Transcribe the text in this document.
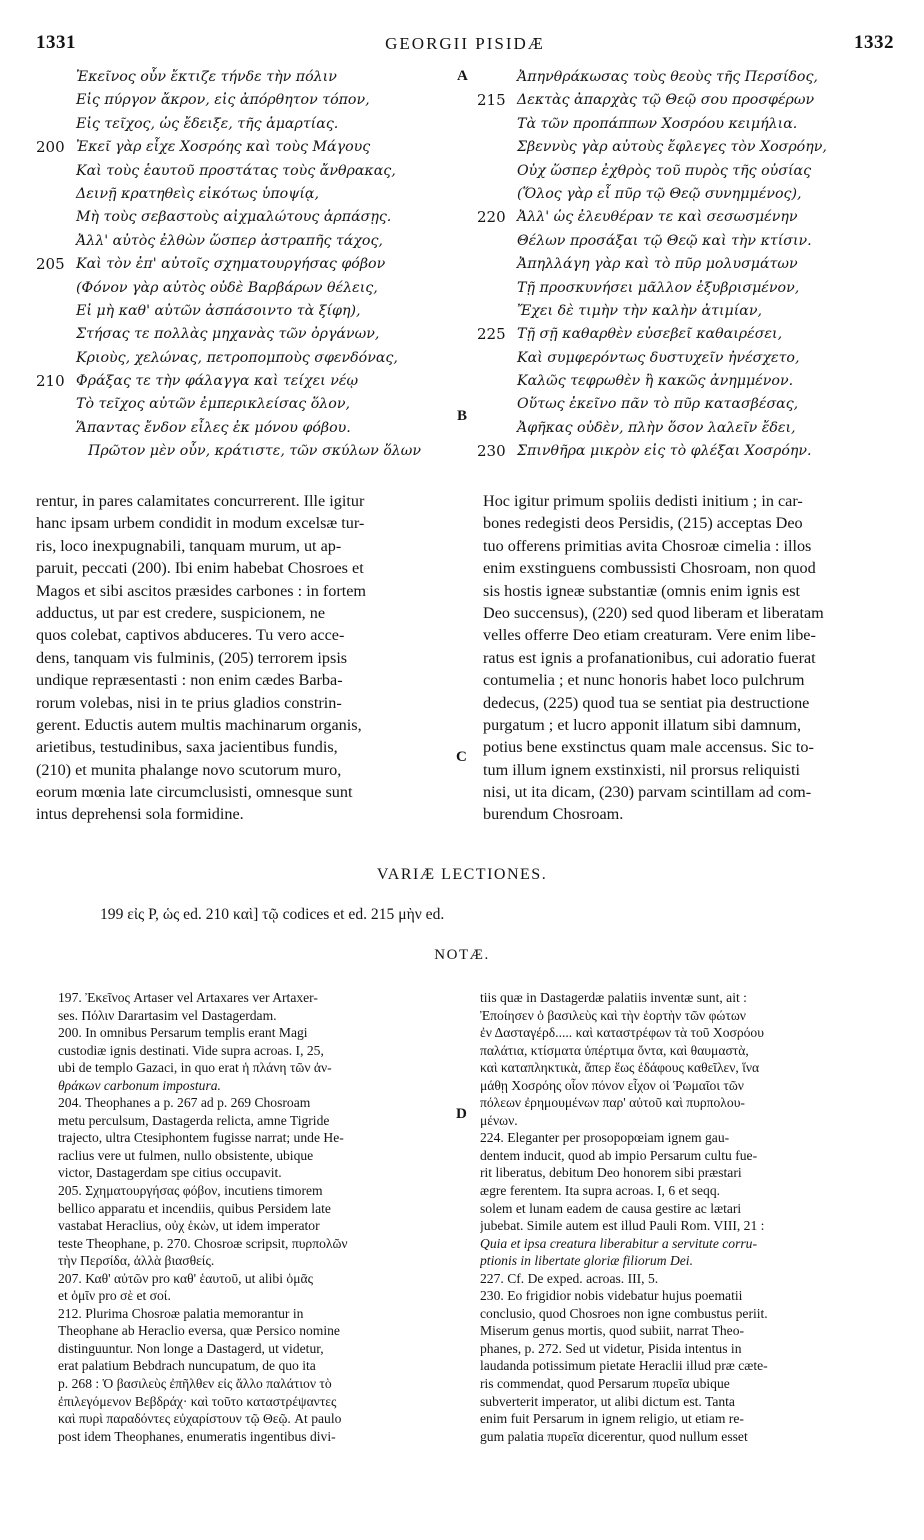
1331	GEORGII PISIDÆ	1332
Ἐκεῖνος οὖν ἔκτιζε τήνδε τὴν πόλιν
Εἰς πύργον ἄκρον, εἰς ἀπόρθητον τόπον,
Εἰς τεῖχος, ὡς ἔδειξε, τῆς ἁμαρτίας.
200 Ἐκεῖ γὰρ εἶχε Χοσρόης καὶ τοὺς Μάγους
Καὶ τοὺς ἑαυτοῦ προστάτας τοὺς ἄνθρακας,
Δεινῇ κρατηθεὶς εἰκότως ὑποψίᾳ,
Μὴ τοὺς σεβαστοὺς αἰχμαλώτους ἁρπάσῃς.
Ἀλλ' αὐτὸς ἐλθὼν ὥσπερ ἀστραπῆς τάχος,
205 Καὶ τὸν ἐπ' αὐτοῖς σχηματουργήσας φόβον
(Φόνον γὰρ αὐτὸς οὐδὲ Βαρβάρων θέλεις,
Εἰ μὴ καθ' αὐτῶν ἀσπάσοιντο τὰ ξίφη),
Στήσας τε πολλὰς μηχανὰς τῶν ὀργάνων,
Κριοὺς, χελώνας, πετροπομποὺς σφενδόνας,
210 Φράξας τε τὴν φάλαγγα καὶ τείχει νέῳ
Τὸ τεῖχος αὐτῶν ἐμπερικλείσας ὅλον,
Ἅπαντας ἔνδον εἶλες ἐκ μόνου φόβου.
Πρῶτον μὲν οὖν, κράτιστε, τῶν σκύλων ὅλων
Ἀπηνθράκωσας τοὺς θεοὺς τῆς Περσίδος,
215 Δεκτὰς ἀπαρχὰς τῷ Θεῷ σου προσφέρων
Τὰ τῶν προπάππων Χοσρόου κειμήλια.
Σβεννὺς γὰρ αὐτοὺς ἔφλεγες τὸν Χοσρόην,
Οὐχ ὥσπερ ἐχθρὸς τοῦ πυρὸς τῆς οὐσίας
(Ὅλος γὰρ εἶ πῦρ τῷ Θεῷ συνημμένος),
220 Ἀλλ' ὡς ἐλευθέραν τε καὶ σεσωσμένην
Θέλων προσάξαι τῷ Θεῷ καὶ τὴν κτίσιν.
Ἀπηλλάγη γὰρ καὶ τὸ πῦρ μολυσμάτων
Τῇ προσκυνήσει μᾶλλον ἐξυβρισμένον,
Ἔχει δὲ τιμὴν τὴν καλὴν ἀτιμίαν,
225 Τῇ σῇ καθαρθὲν εὐσεβεῖ καθαιρέσει,
Καὶ συμφερόντως δυστυχεῖν ἠνέσχετο,
Καλῶς τεφρωθὲν ἢ κακῶς ἀνημμένον.
Οὕτως ἐκεῖνο πᾶν τὸ πῦρ κατασβέσας,
Ἀφῆκας οὐδὲν, πλὴν ὅσον λαλεῖν ἔδει,
230 Σπινθῆρα μικρὸν εἰς τὸ φλέξαι Χοσρόην.
A
B
C
D
rentur, in pares calamitates concurrerent. Ille igitur
hanc ipsam urbem condidit in modum excelsæ tur-
ris, loco inexpugnabili, tanquam murum, ut ap-
paruit, peccati (200). Ibi enim habebat Chosroes et
Magos et sibi ascitos præsides carbones : in fortem
adductus, ut par est credere, suspicionem, ne
quos colebat, captivos abduceres. Tu vero acce-
dens, tanquam vis fulminis, (205) terrorem ipsis
undique repræsentasti : non enim cædes Barba-
rorum volebas, nisi in te prius gladios constrin-
gerent. Eductis autem multis machinarum organis,
arietibus, testudinibus, saxa jacientibus fundis,
(210) et munita phalange novo scutorum muro,
eorum mœnia late circumclusisti, omnesque sunt
intus deprehensi sola formidine.
Hoc igitur primum spoliis dedisti initium ; in car-
bones redegisti deos Persidis, (215) acceptas Deo
tuo offerens primitias avita Chosroæ cimelia : illos
enim exstinguens combussisti Chosroam, non quod
sis hostis igneæ substantiæ (omnis enim ignis est
Deo succensus), (220) sed quod liberam et liberatam
velles offerre Deo etiam creaturam. Vere enim libe-
ratus est ignis a profanationibus, cui adoratio fuerat
contumelia ; et nunc honoris habet loco pulchrum
dedecus, (225) quod tua se sentiat pia destructione
purgatum ; et lucro apponit illatum sibi damnum,
potius bene exstinctus quam male accensus. Sic to-
tum illum ignem exstinxisti, nil prorsus reliquisti
nisi, ut ita dicam, (230) parvam scintillam ad com-
burendum Chosroam.
VARIÆ LECTIONES.
199 εἰς P, ὡς ed. 210 καὶ] τῷ codices et ed. 215 μὴν ed.
NOTÆ.
197. Ἐκεῖνος Artaser vel Artaxares ver Artaxer-
ses. Πόλιν Darartasim vel Dastagerdam.
200. In omnibus Persarum templis erant Magi
custodiæ ignis destinati. Vide supra acroas. I, 25,
ubi de templo Gazaci, in quo erat ἡ πλάνη τῶν ἀν-
θράκων carbonum impostura.
204. Theophanes a p. 267 ad p. 269 Chosroam
metu perculsum, Dastagerda relicta, amne Tigride
trajecto, ultra Ctesiphontem fugisse narrat; unde He-
raclius vere ut fulmen, nullo obsistente, ubique
victor, Dastagerdam spe citius occupavit.
205. Σχηματουργήσας φόβον, incutiens timorem
bellico apparatu et incendiis, quibus Persidem late
vastabat Heraclius, οὐχ ἑκὼν, ut idem imperator
teste Theophane, p. 270. Chosroæ scripsit, πυρπολῶν
τὴν Περσίδα, ἀλλὰ βιασθείς.
207. Καθ' αὐτῶν pro καθ' ἑαυτοῦ, ut alibi ὁμᾶς
et ὁμῖν pro σὲ et σοί.
212. Plurima Chosroæ palatia memorantur in
Theophane ab Heraclio eversa, quæ Persico nomine
distinguuntur. Non longe a Dastagerd, ut videtur,
erat palatium Bebdrach nuncupatum, de quo ita
p. 268 : Ὁ βασιλεὺς ἐπῆλθεν εἰς ἄλλο παλάτιον τὸ
ἐπιλεγόμενον Βεβδράχ· καὶ τοῦτο καταστρέψαντες
καὶ πυρὶ παραδόντες εὐχαρίστουν τῷ Θεῷ. At paulo
post idem Theophanes, enumeratis ingentibus divi-
tiis quæ in Dastagerdæ palatiis inventæ sunt, ait :
Ἐποίησεν ὁ βασιλεὺς καὶ τὴν ἑορτὴν τῶν φώτων
ἐν Δασταγέρδ..... καὶ καταστρέφων τὰ τοῦ Χοσρόου
παλάτια, κτίσματα ὑπέρτιμα ὄντα, καὶ θαυμαστὰ,
καὶ καταπληκτικὰ, ἄπερ ἕως ἐδάφους καθεῖλεν, ἵνα
μάθῃ Χοσρόης οἷον πόνον εἶχον οἱ Ῥωμαῖοι τῶν
πόλεων ἐρημουμένων παρ' αὐτοῦ καὶ πυρπολου-
μένων.
224. Eleganter per prosopopœiam ignem gau-
dentem inducit, quod ab impio Persarum cultu fue-
rit liberatus, debitum Deo honorem sibi præstari
ægre ferentem. Ita supra acroas. I, 6 et seqq.
solem et lunam eadem de causa gestire ac lætari
jubebat. Simile autem est illud Pauli Rom. VIII, 21 :
Quia et ipsa creatura liberabitur a servitute corru-
ptionis in libertate gloriæ filiorum Dei.
227. Cf. De exped. acroas. III, 5.
230. Eo frigidior nobis videbatur hujus poematii
conclusio, quod Chosroes non igne combustus periit.
Miserum genus mortis, quod subiit, narrat Theo-
phanes, p. 272. Sed ut videtur, Pisida intentus in
laudanda potissimum pietate Heraclii illud præ cæte-
ris commendat, quod Persarum πυρεῖα ubique
subverterit imperator, ut alibi dictum est. Tanta
enim fuit Persarum in ignem religio, ut etiam re-
gum palatia πυρεῖα dicerentur, quod nullum esset
